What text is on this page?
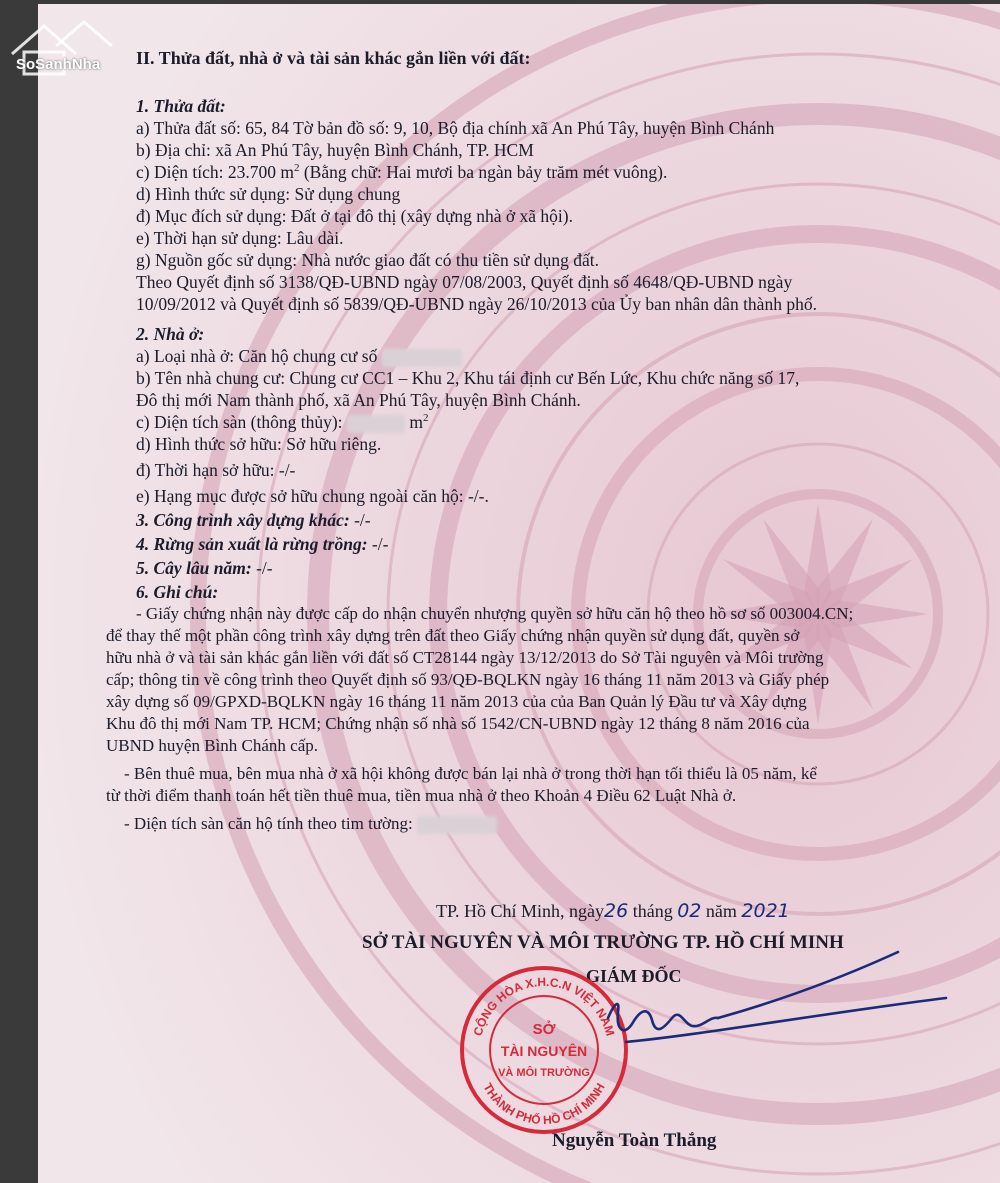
II. Thửa đất, nhà ở và tài sản khác gắn liền với đất:
1. Thửa đất:
a) Thửa đất số: 65, 84 Tờ bản đồ số: 9, 10, Bộ địa chính xã An Phú Tây, huyện Bình Chánh
b) Địa chỉ: xã An Phú Tây, huyện Bình Chánh, TP. HCM
c) Diện tích: 23.700 $m^2$ (Bằng chữ: Hai mươi ba ngàn bảy trăm mét vuông).
d) Hình thức sử dụng: Sử dụng chung
đ) Mục đích sử dụng: Đất ở tại đô thị (xây dựng nhà ở xã hội).
e) Thời hạn sử dụng: Lâu dài.
g) Nguồn gốc sử dụng: Nhà nước giao đất có thu tiền sử dụng đất.
Theo Quyết định số 3138/QĐ-UBND ngày 07/08/2003, Quyết định số 4648/QĐ-UBND ngày
10/09/2012 và Quyết định số 5839/QĐ-UBND ngày 26/10/2013 của Ủy ban nhân dân thành phố.
2. Nhà ở:
a) Loại nhà ở: Căn hộ chung cư số
b) Tên nhà chung cư: Chung cư CC1 – Khu 2, Khu tái định cư Bến Lức, Khu chức năng số 17,
Đô thị mới Nam thành phố, xã An Phú Tây, huyện Bình Chánh.
c) Diện tích sàn (thông thủy):	$m^2$
d) Hình thức sở hữu: Sở hữu riêng.
đ) Thời hạn sở hữu: -/-
e) Hạng mục được sở hữu chung ngoài căn hộ: -/-.
3. Công trình xây dựng khác: -/-
4. Rừng sản xuất là rừng trồng: -/-
5. Cây lâu năm: -/-
6. Ghi chú:
- Giấy chứng nhận này được cấp do nhận chuyển nhượng quyền sở hữu căn hộ theo hồ sơ số 003004.CN;
để thay thế một phần công trình xây dựng trên đất theo Giấy chứng nhận quyền sử dụng đất, quyền sở
hữu nhà ở và tài sản khác gắn liền với đất số CT28144 ngày 13/12/2013 do Sở Tài nguyên và Môi trường
cấp; thông tin về công trình theo Quyết định số 93/QĐ-BQLKN ngày 16 tháng 11 năm 2013 và Giấy phép
xây dựng số 09/GPXD-BQLKN ngày 16 tháng 11 năm 2013 của của Ban Quản lý Đầu tư và Xây dựng
Khu đô thị mới Nam TP. HCM; Chứng nhận số nhà số 1542/CN-UBND ngày 12 tháng 8 năm 2016 của
UBND huyện Bình Chánh cấp.
- Bên thuê mua, bên mua nhà ở xã hội không được bán lại nhà ở trong thời hạn tối thiểu là 05 năm, kể
từ thời điểm thanh toán hết tiền thuê mua, tiền mua nhà ở theo Khoản 4 Điều 62 Luật Nhà ở.
- Diện tích sàn căn hộ tính theo tim tường:
TP. Hồ Chí Minh, ngày26 tháng 02 năm 2021
SỞ TÀI NGUYÊN VÀ MÔI TRƯỜNG TP. HỒ CHÍ MINH
GIÁM ĐỐC
Nguyễn Toàn Thắng
CỘNG HÒA X.H.C.N VIỆT NAM
THÀNH PHỐ HỒ CHÍ MINH
SỞ
TÀI NGUYÊN
VÀ MÔI TRƯỜNG
SoSanhNha
